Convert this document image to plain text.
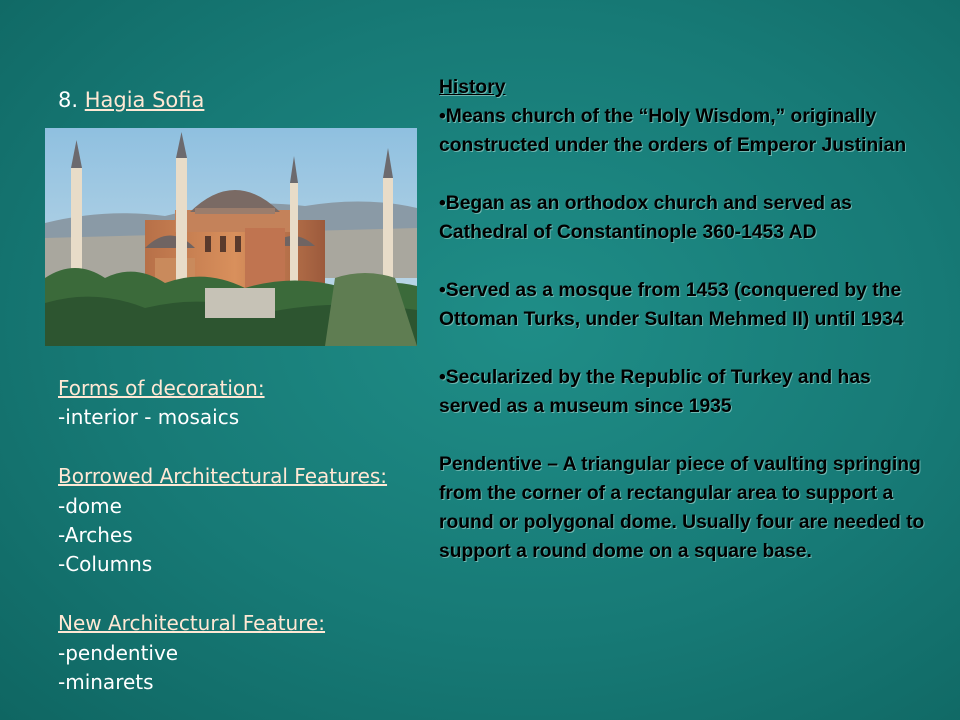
8. Hagia Sofia
Forms of decoration:
-interior - mosaics
Borrowed Architectural Features:
-dome
-Arches
-Columns
New Architectural Feature:
-pendentive
-minarets
History
• Means church of the “Holy Wisdom,” originally constructed under the orders of Emperor Justinian
• Began as an orthodox church and served as Cathedral of Constantinople 360-1453 AD
• Served as a mosque from 1453 (conquered by the Ottoman Turks, under Sultan Mehmed II) until 1934
• Secularized by the Republic of Turkey and has served as a museum since 1935
Pendentive – A triangular piece of vaulting springing from the corner of a rectangular area to support a round or polygonal dome. Usually four are needed to support a round dome on a square base.
